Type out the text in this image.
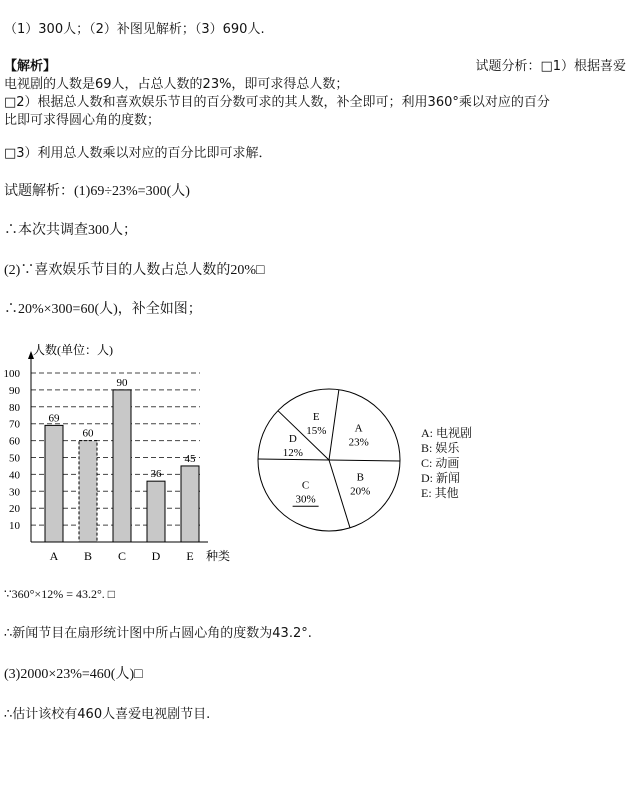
（1）300人；（2）补图见解析；（3）690人.
【解析】	试题分析：□1）根据喜爱
电视剧的人数是69人，占总人数的23%，即可求得总人数；
□2）根据总人数和喜欢娱乐节目的百分数可求的其人数，补全即可；利用360°乘以对应的百分
比即可求得圆心角的度数；
□3）利用总人数乘以对应的百分比即可求解．
试题解析：(1)69÷23%=300(人)
∴本次共调查300人；
(2)∵喜欢娱乐节目的人数占总人数的20%□
∴20%×300=60(人)，补全如图；
69
60
90
36
45
10
20
30
40
50
60
70
80
90
100
A B C D E
人数(单位：人)
种类
A
23%
B
20%
C
30%
D
12%
E
15%	A: 电视剧
B: 娱乐
C: 动画
D: 新闻
E: 其他
∵360°×12% = 43.2°. □
∴新闻节目在扇形统计图中所占圆心角的度数为43.2°.
(3)2000×23%=460(人)□
∴估计该校有460人喜爱电视剧节目.
